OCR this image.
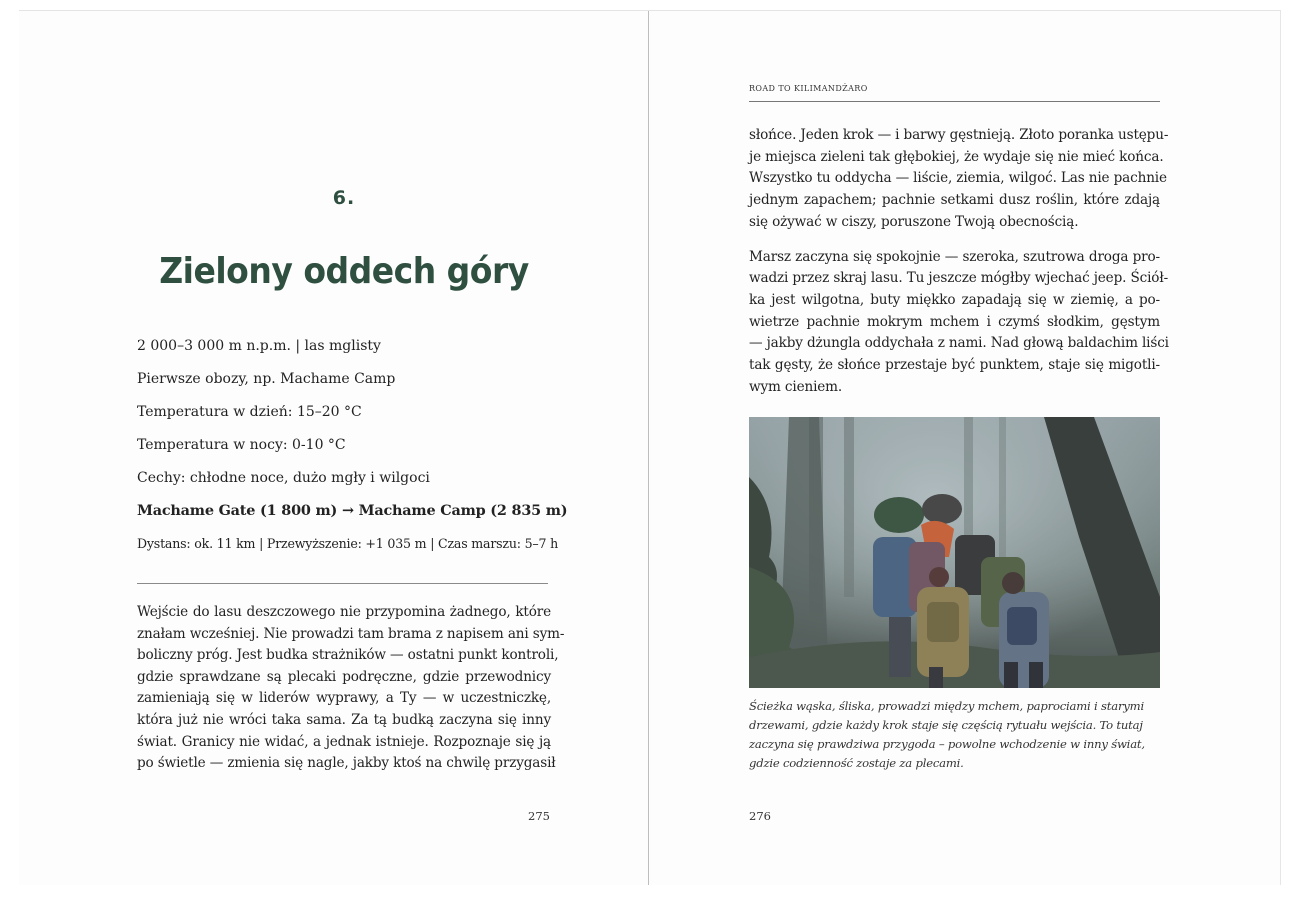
6.
Zielony oddech góry
2 000–3 000 m n.p.m. | las mglisty
Pierwsze obozy, np. Machame Camp
Temperatura w dzień: 15–20 °C
Temperatura w nocy: 0-10 °C
Cechy: chłodne noce, dużo mgły i wilgoci
Machame Gate (1 800 m) → Machame Camp (2 835 m)
Dystans: ok. 11 km | Przewyższenie: +1 035 m | Czas marszu: 5–7 h
Wejście do lasu deszczowego nie przypomina żadnego, które
znałam wcześniej. Nie prowadzi tam brama z napisem ani sym-
boliczny próg. Jest budka strażników — ostatni punkt kontroli,
gdzie sprawdzane są plecaki podręczne, gdzie przewodnicy
zamieniają się w liderów wyprawy, a Ty — w uczestniczkę,
która już nie wróci taka sama. Za tą budką zaczyna się inny
świat. Granicy nie widać, a jednak istnieje. Rozpoznaje się ją
po świetle — zmienia się nagle, jakby ktoś na chwilę przygasił
275
ROAD TO KILIMANDŻARO
słońce. Jeden krok — i barwy gęstnieją. Złoto poranka ustępu-
je miejsca zieleni tak głębokiej, że wydaje się nie mieć końca.
Wszystko tu oddycha — liście, ziemia, wilgoć. Las nie pachnie
jednym zapachem; pachnie setkami dusz roślin, które zdają
się ożywać w ciszy, poruszone Twoją obecnością.
Marsz zaczyna się spokojnie — szeroka, szutrowa droga pro-
wadzi przez skraj lasu. Tu jeszcze mógłby wjechać jeep. Ściół-
ka jest wilgotna, buty miękko zapadają się w ziemię, a po-
wietrze pachnie mokrym mchem i czymś słodkim, gęstym
— jakby dżungla oddychała z nami. Nad głową baldachim liści
tak gęsty, że słońce przestaje być punktem, staje się migotli-
wym cieniem.
Ścieżka wąska, śliska, prowadzi między mchem, paprociami i starymi
drzewami, gdzie każdy krok staje się częścią rytuału wejścia. To tutaj
zaczyna się prawdziwa przygoda – powolne wchodzenie w inny świat,
gdzie codzienność zostaje za plecami.
276
